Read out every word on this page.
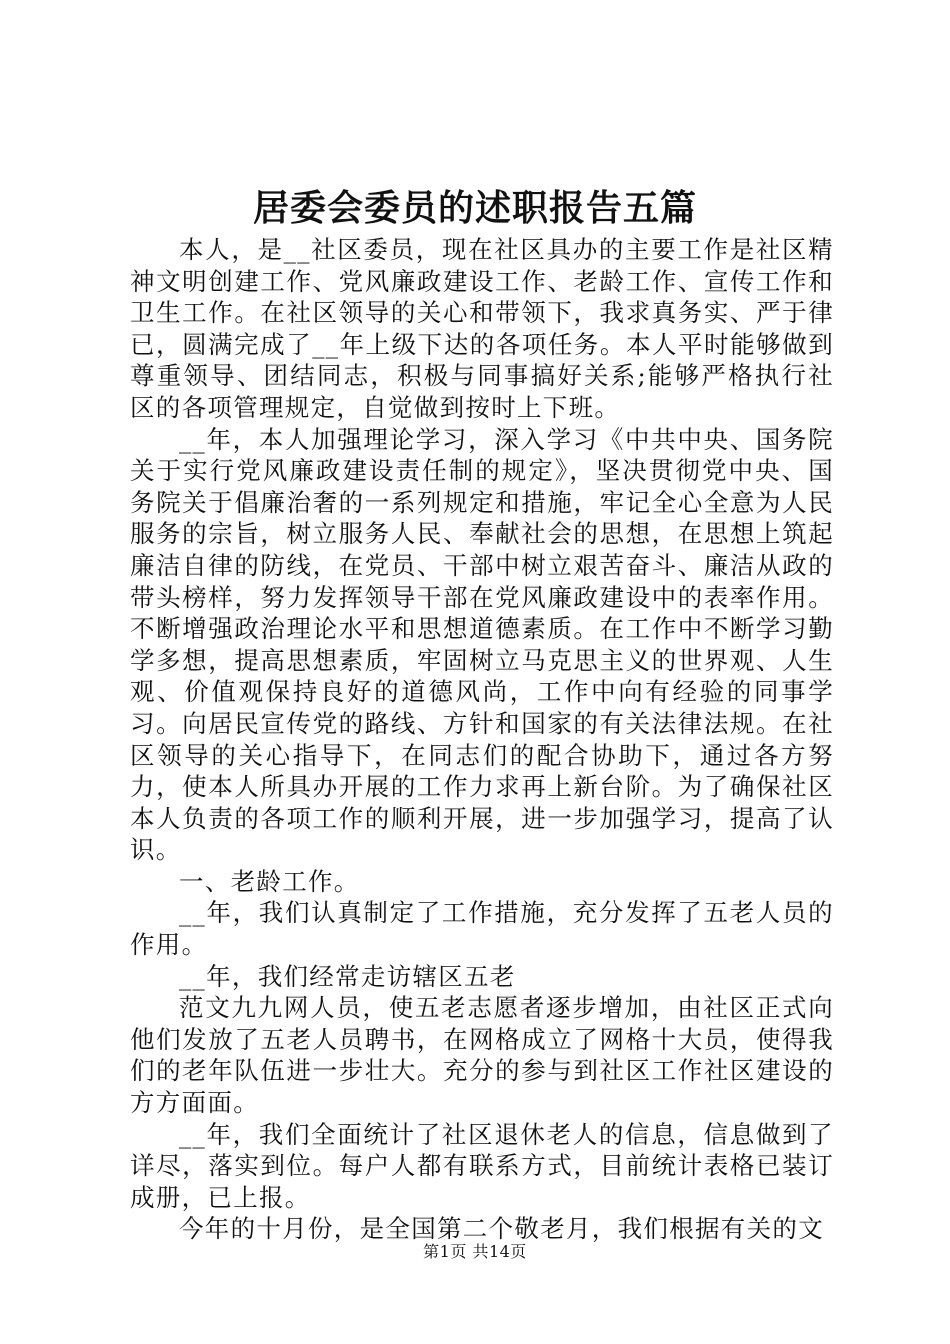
居委会委员的述职报告五篇

本人，是__社区委员，现在社区具办的主要工作是社区精神文明创建工作、党风廉政建设工作、老龄工作、宣传工作和卫生工作。在社区领导的关心和带领下，我求真务实、严于律已，圆满完成了__年上级下达的各项任务。本人平时能够做到尊重领导、团结同志，积极与同事搞好关系;能够严格执行社区的各项管理规定，自觉做到按时上下班。

__年，本人加强理论学习，深入学习《中共中央、国务院关于实行党风廉政建设责任制的规定》，坚决贯彻党中央、国务院关于倡廉治奢的一系列规定和措施，牢记全心全意为人民服务的宗旨，树立服务人民、奉献社会的思想，在思想上筑起廉洁自律的防线，在党员、干部中树立艰苦奋斗、廉洁从政的带头榜样，努力发挥领导干部在党风廉政建设中的表率作用。不断增强政治理论水平和思想道德素质。在工作中不断学习勤学多想，提高思想素质，牢固树立马克思主义的世界观、人生观、价值观保持良好的道德风尚，工作中向有经验的同事学习。向居民宣传党的路线、方针和国家的有关法律法规。在社区领导的关心指导下，在同志们的配合协助下，通过各方努力，使本人所具办开展的工作力求再上新台阶。为了确保社区本人负责的各项工作的顺利开展，进一步加强学习，提高了认识。

一、老龄工作。

__年，我们认真制定了工作措施，充分发挥了五老人员的作用。

__年，我们经常走访辖区五老

范文九九网人员，使五老志愿者逐步增加，由社区正式向他们发放了五老人员聘书，在网格成立了网格十大员，使得我们的老年队伍进一步壮大。充分的参与到社区工作社区建设的方方面面。

__年，我们全面统计了社区退休老人的信息，信息做到了详尽，落实到位。每户人都有联系方式，目前统计表格已装订成册，已上报。

今年的十月份，是全国第二个敬老月，我们根据有关的文

第1页 共14页
